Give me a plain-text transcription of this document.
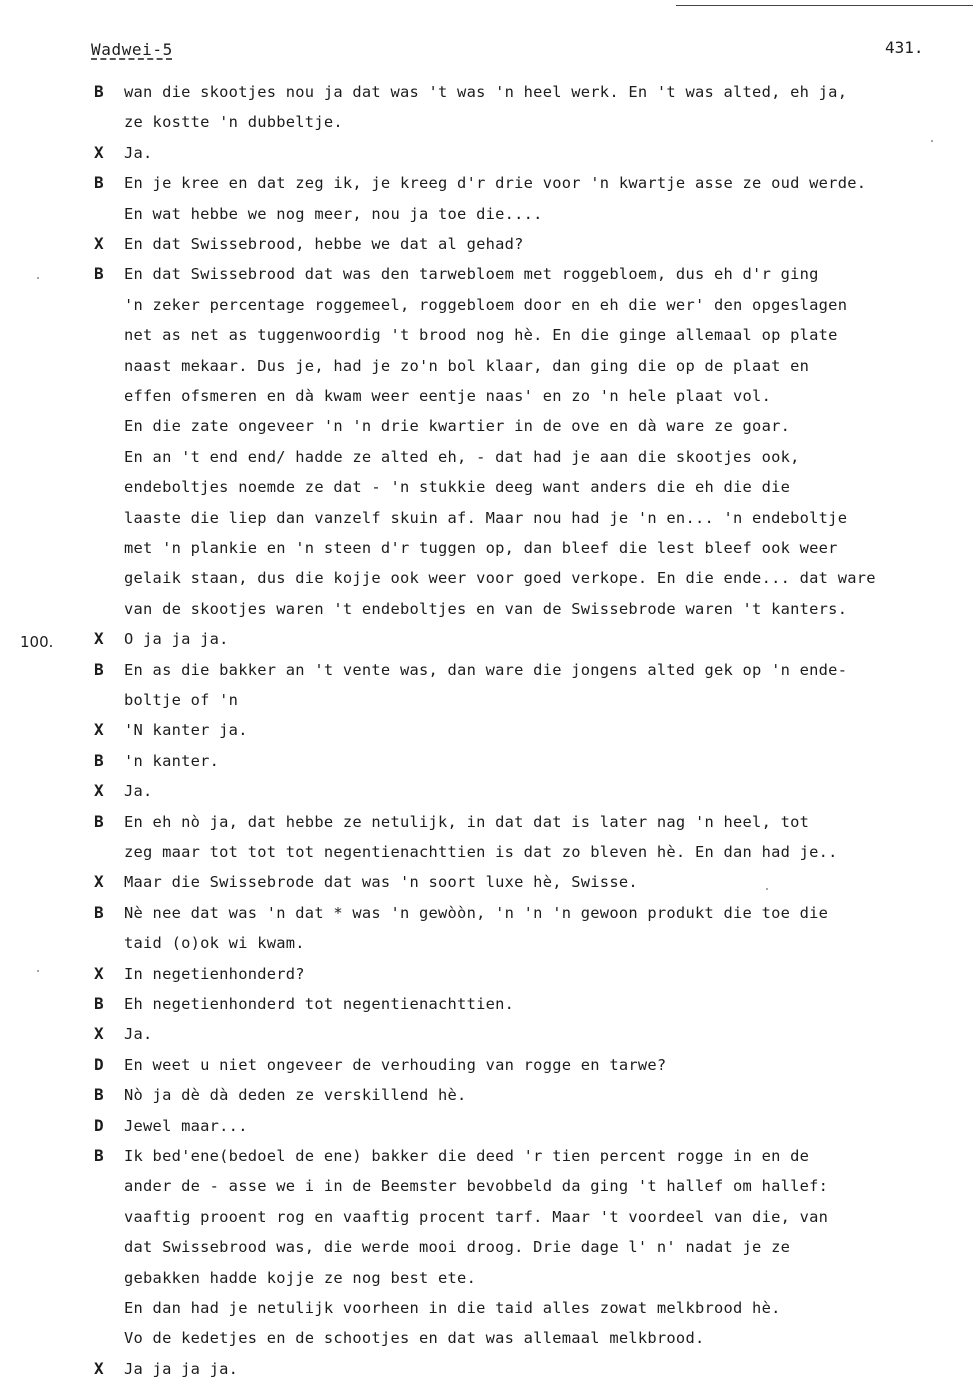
Wadwei-5	431.
100.
B wan die skootjes nou ja dat was 't was 'n heel werk. En 't was alted, eh ja,
ze kostte 'n dubbeltje.
X Ja.
B En je kree en dat zeg ik, je kreeg d'r drie voor 'n kwartje asse ze oud werde.
En wat hebbe we nog meer, nou ja toe die....
X En dat Swissebrood, hebbe we dat al gehad?
B En dat Swissebrood dat was den tarwebloem met roggebloem, dus eh d'r ging
'n zeker percentage roggemeel, roggebloem door en eh die wer' den opgeslagen
net as net as tuggenwoordig 't brood nog hè. En die ginge allemaal op plate
naast mekaar. Dus je, had je zo'n bol klaar, dan ging die op de plaat en
effen ofsmeren en dà kwam weer eentje naas' en zo 'n hele plaat vol.
En die zate ongeveer 'n 'n drie kwartier in de ove en dà ware ze goar.
En an 't end end/ hadde ze alted eh, - dat had je aan die skootjes ook,
endeboltjes noemde ze dat - 'n stukkie deeg want anders die eh die die
laaste die liep dan vanzelf skuin af. Maar nou had je 'n en... 'n endeboltje
met 'n plankie en 'n steen d'r tuggen op, dan bleef die lest bleef ook weer
gelaik staan, dus die kojje ook weer voor goed verkope. En die ende... dat ware
van de skootjes waren 't endeboltjes en van de Swissebrode waren 't kanters.
X O ja ja ja.
B En as die bakker an 't vente was, dan ware die jongens alted gek op 'n ende-
boltje of 'n
X 'N kanter ja.
B 'n kanter.
X Ja.
B En eh nò ja, dat hebbe ze netulijk, in dat dat is later nag 'n heel, tot
zeg maar tot tot tot negentienachttien is dat zo bleven hè. En dan had je..
X Maar die Swissebrode dat was 'n soort luxe hè, Swisse.
B Nè nee dat was 'n dat * was 'n gewòòn, 'n 'n 'n gewoon produkt die toe die
taid (o)ok wi kwam.
X In negetienhonderd?
B Eh negetienhonderd tot negentienachttien.
X Ja.
D En weet u niet ongeveer de verhouding van rogge en tarwe?
B Nò ja dè dà deden ze verskillend hè.
D Jewel maar...
B Ik bed'ene(bedoel de ene) bakker die deed 'r tien percent rogge in en de
ander de - asse we i in de Beemster bevobbeld da ging 't hallef om hallef:
vaaftig prooent rog en vaaftig procent tarf. Maar 't voordeel van die, van
dat Swissebrood was, die werde mooi droog. Drie dage l' n' nadat je ze
gebakken hadde kojje ze nog best ete.
En dan had je netulijk voorheen in die taid alles zowat melkbrood hè.
Vo de kedetjes en de schootjes en dat was allemaal melkbrood.
X Ja ja ja ja.
